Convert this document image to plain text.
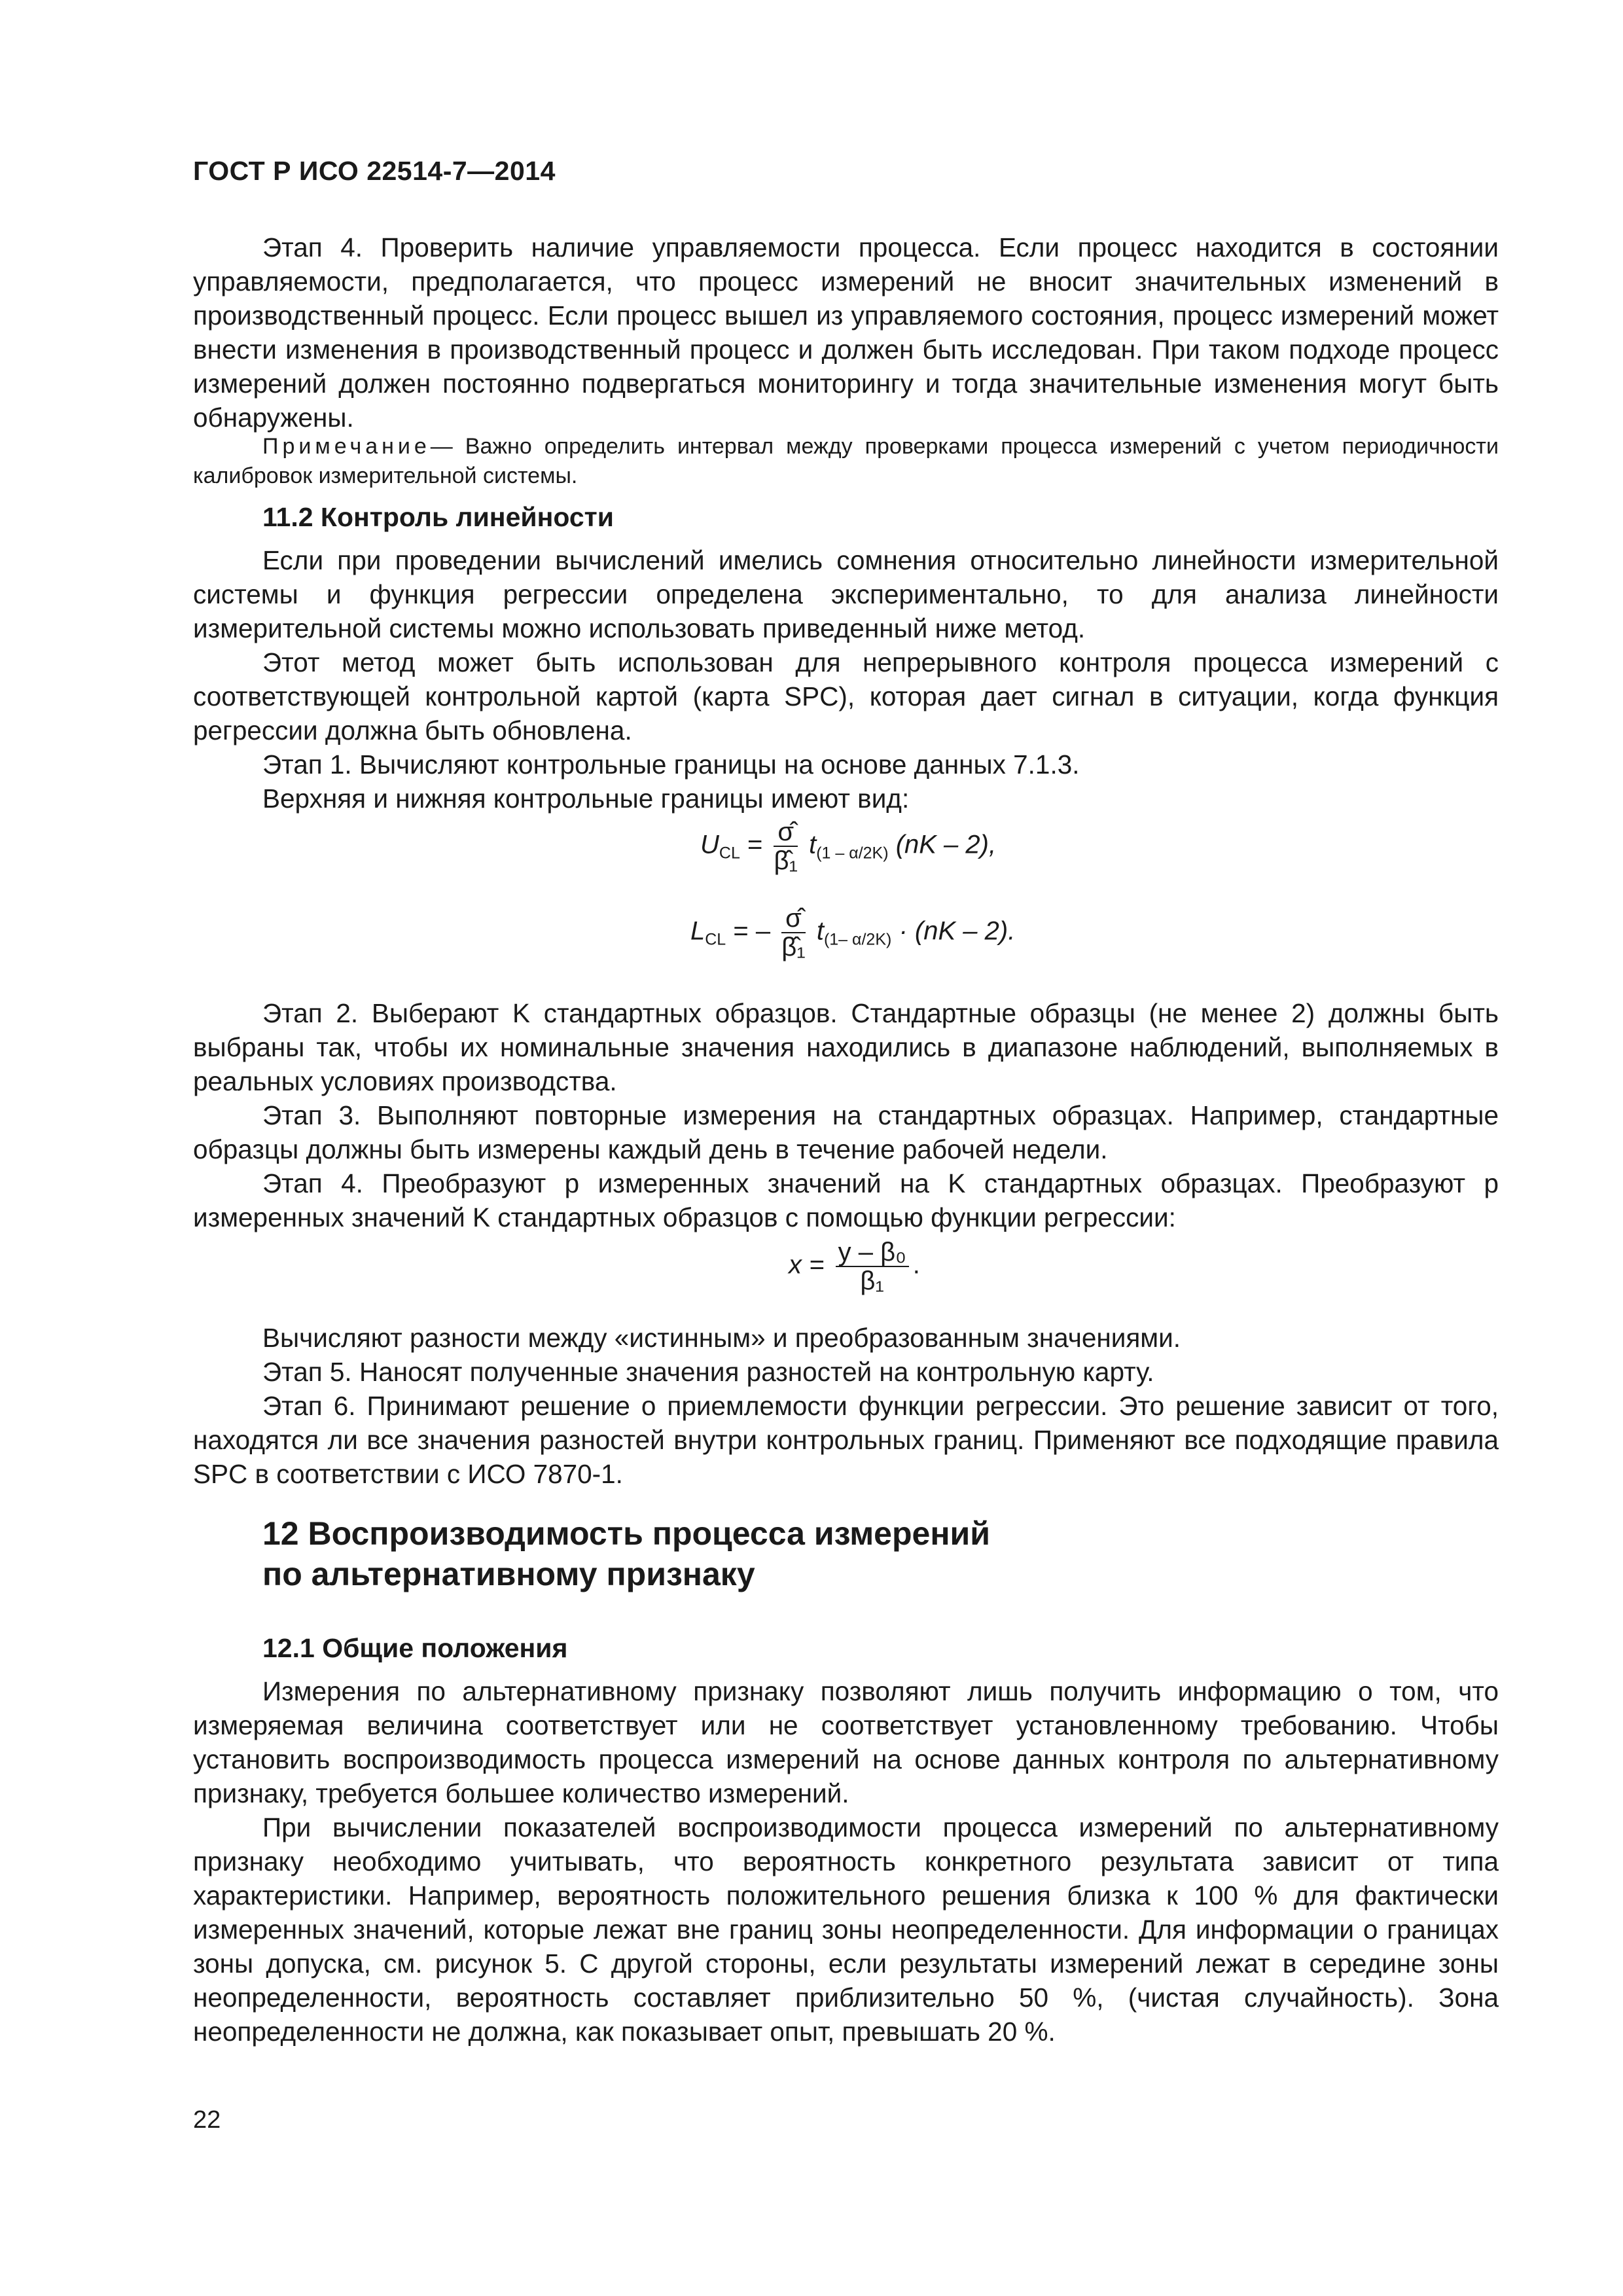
ГОСТ Р ИСО 22514-7—2014

Этап 4. Проверить наличие управляемости процесса. Если процесс находится в состоянии управляемости, предполагается, что процесс измерений не вносит значительных изменений в производственный процесс. Если процесс вышел из управляемого состояния, процесс измерений может внести изменения в производственный процесс и должен быть исследован. При таком подходе процесс измерений должен постоянно подвергаться мониторингу и тогда значительные изменения могут быть обнаружены.

Примечание— Важно определить интервал между проверками процесса измерений с учетом периодичности калибровок измерительной системы.
11.2 Контроль линейности

Если при проведении вычислений имелись сомнения относительно линейности измерительной системы и функция регрессии определена экспериментально, то для анализа линейности измерительной системы можно использовать приведенный ниже метод.

Этот метод может быть использован для непрерывного контроля процесса измерений с соответствующей контрольной картой (карта SPC), которая дает сигнал в ситуации, когда функция регрессии должна быть обновлена.

Этап 1. Вычисляют контрольные границы на основе данных 7.1.3.

Верхняя и нижняя контрольные границы имеют вид:

$U_{CL} = \frac{\sigmâ}{\text{β̂₁}} t_{(1 - \alpha/2K)}$ (nK – 2),
$L_{CL}$ = – $\frac{\sigmâ}{\text{β̂₁}} t_{(1- \alpha/2K)} \cdot (nK - 2)$.

Этап 2. Выберают K стандартных образцов. Стандартные образцы (не менее 2) должны быть выбраны так, чтобы их номинальные значения находились в диапазоне наблюдений, выполняемых в реальных условиях производства.

Этап 3. Выполняют повторные измерения на стандартных образцах. Например, стандартные образцы должны быть измерены каждый день в течение рабочей недели.

Этап 4. Преобразуют p измеренных значений на K стандартных образцах. Преобразуют p измеренных значений K стандартных образцов с помощью функции регрессии:

$x = \frac{\text{y – β₀}}{\text{β₁}}$ .

Вычисляют разности между «истинным» и преобразованным значениями.

Этап 5. Наносят полученные значения разностей на контрольную карту.

Этап 6. Принимают решение о приемлемости функции регрессии. Это решение зависит от того, находятся ли все значения разностей внутри контрольных границ. Применяют все подходящие правила SPC в соответствии с ИСО 7870-1.

12 Воспроизводимость процесса измерений
по альтернативному признаку
12.1 Общие положения

Измерения по альтернативному признаку позволяют лишь получить информацию о том, что измеряемая величина соответствует или не соответствует установленному требованию. Чтобы установить воспроизводимость процесса измерений на основе данных контроля по альтернативному признаку, требуется большее количество измерений.

При вычислении показателей воспроизводимости процесса измерений по альтернативному признаку необходимо учитывать, что вероятность конкретного результата зависит от типа характеристики. Например, вероятность положительного решения близка к 100 % для фактически измеренных значений, которые лежат вне границ зоны неопределенности. Для информации о границах зоны допуска, см. рисунок 5. С другой стороны, если результаты измерений лежат в середине зоны неопределенности, вероятность составляет приблизительно 50 %, (чистая случайность). Зона неопределенности не должна, как показывает опыт, превышать 20 %.

22
